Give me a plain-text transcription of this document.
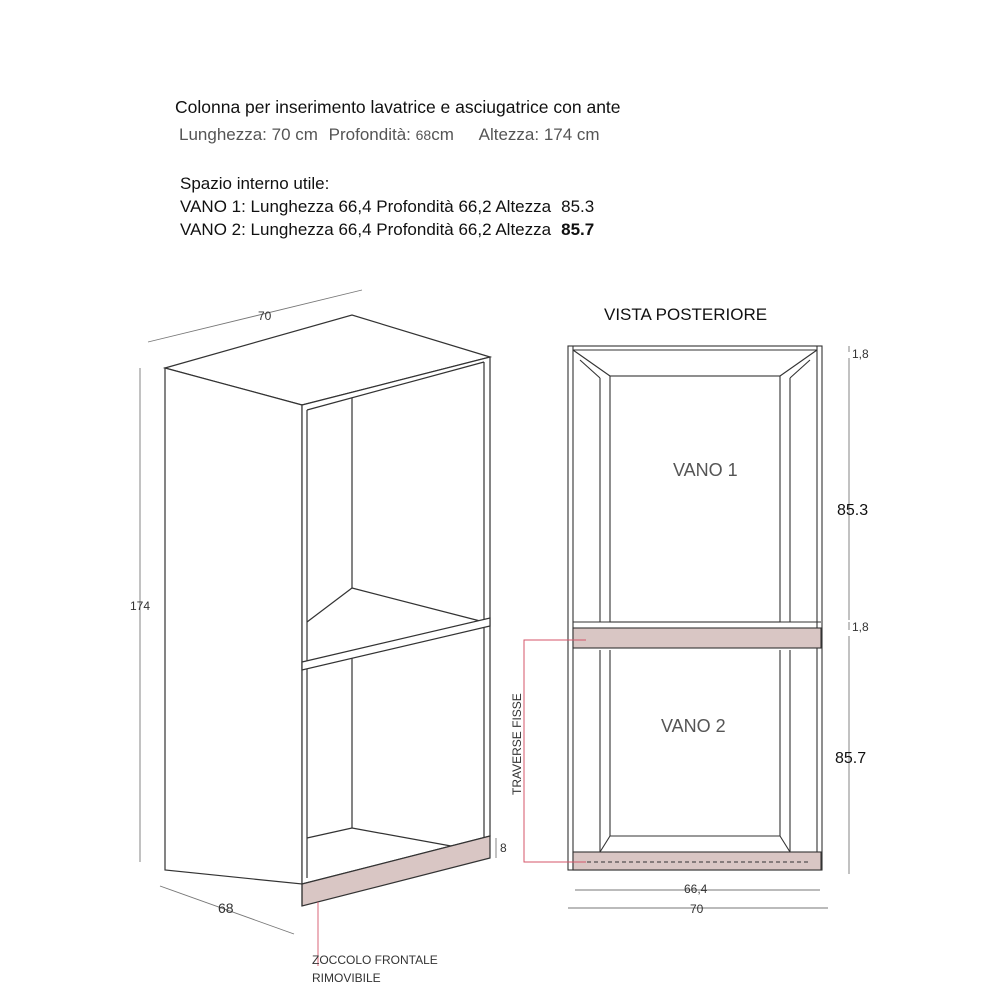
Colonna per inserimento lavatrice e asciugatrice con ante
Lunghezza: 70 cm Profondità: 68cm Altezza: 174 cm
Spazio interno utile:
VANO 1: Lunghezza 66,4 Profondità 66,2 Altezza 85.3
VANO 2: Lunghezza 66,4 Profondità 66,2 Altezza 85.7
70
174
68
8
ZOCCOLO FRONTALE
RIMOVIBILE
VISTA POSTERIORE
VANO 1
VANO 2
1,8
85.3
1,8
85.7
66,4
70
TRAVERSE FISSE
